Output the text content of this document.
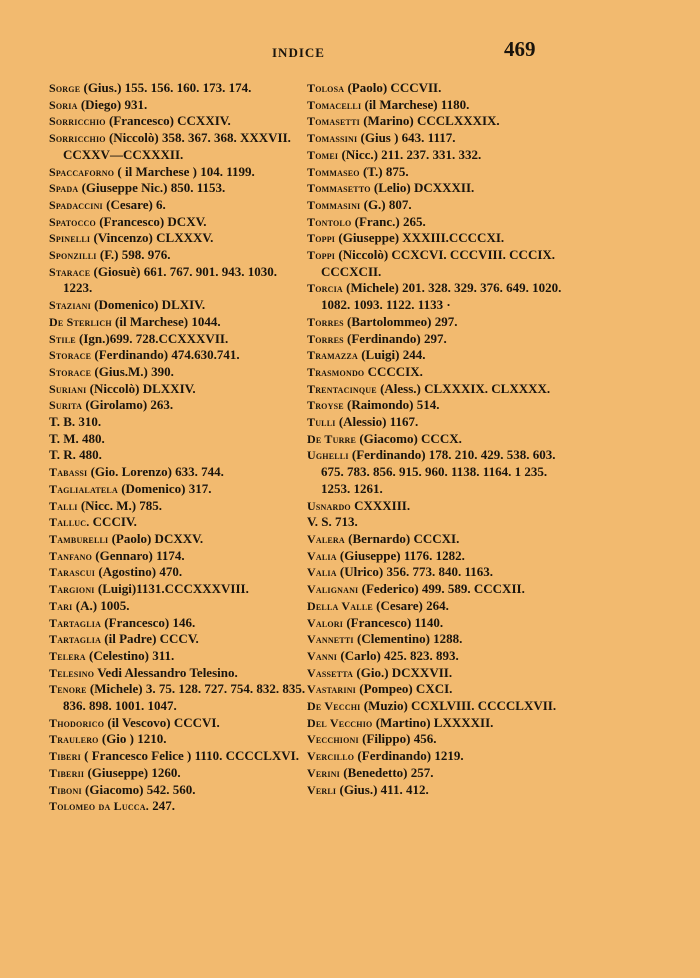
INDICE	469
Sorge (Gius.) 155. 156. 160. 173. 174.
Soria (Diego) 931.
Sorricchio (Francesco) CCXXIV.
Sorricchio (Niccolò) 358. 367. 368. XXXVII. CCXXV—CCXXXII.
Spaccaforno ( il Marchese ) 104. 1199.
Spada (Giuseppe Nic.) 850. 1153.
Spadaccini (Cesare) 6.
Spatocco (Francesco) DCXV.
Spinelli (Vincenzo) CLXXXV.
Sponzilli (F.) 598. 976.
Starace (Giosuè) 661. 767. 901. 943. 1030. 1223.
Staziani (Domenico) DLXIV.
De Sterlich (il Marchese) 1044.
Stile (Ign.)699. 728.CCXXXVII.
Storace (Ferdinando) 474.630.741.
Storace (Gius.M.) 390.
Suriani (Niccolò) DLXXIV.
Surita (Girolamo) 263.
T. B. 310.
T. M. 480.
T. R. 480.
Tabassi (Gio. Lorenzo) 633. 744.
Taglialatela (Domenico) 317.
Talli (Nicc. M.) 785.
Talluc. CCCIV.
Tamburelli (Paolo) DCXXV.
Tanfano (Gennaro) 1174.
Tarascui (Agostino) 470.
Targioni (Luigi)1131.CCCXXXVIII.
Tari (A.) 1005.
Tartaglia (Francesco) 146.
Tartaglia (il Padre) CCCV.
Telera (Celestino) 311.
Telesino Vedi Alessandro Telesino.
Tenore (Michele) 3. 75. 128. 727. 754. 832. 835. 836. 898. 1001. 1047.
Thodorico (il Vescovo) CCCVI.
Traulero (Gio ) 1210.
Tiberi ( Francesco Felice ) 1110. CCCCLXVI.
Tiberii (Giuseppe) 1260.
Tiboni (Giacomo) 542. 560.
Tolomeo da Lucca. 247.
Tolosa (Paolo) CCCVII.
Tomacelli (il Marchese) 1180.
Tomasetti (Marino) CCCLXXXIX.
Tomassini (Gius ) 643. 1117.
Tomei (Nicc.) 211. 237. 331. 332.
Tommaseo (T.) 875.
Tommasetto (Lelio) DCXXXII.
Tommasini (G.) 807.
Tontolo (Franc.) 265.
Toppi (Giuseppe) XXXIII.CCCCXI.
Toppi (Niccolò) CCXCVI. CCCVIII. CCCIX. CCCXCII.
Torcia (Michele) 201. 328. 329. 376. 649. 1020. 1082. 1093. 1122. 1133 ·
Torres (Bartolommeo) 297.
Torres (Ferdinando) 297.
Tramazza (Luigi) 244.
Trasmondo CCCCIX.
Trentacinque (Aless.) CLXXXIX. CLXXXX.
Troyse (Raimondo) 514.
Tulli (Alessio) 1167.
De Turre (Giacomo) CCCX.
Ughelli (Ferdinando) 178. 210. 429. 538. 603. 675. 783. 856. 915. 960. 1138. 1164. 1 235. 1253. 1261.
Usnardo CXXXIII.
V. S. 713.
Valera (Bernardo) CCCXI.
Valia (Giuseppe) 1176. 1282.
Valia (Ulrico) 356. 773. 840. 1163.
Valignani (Federico) 499. 589. CCCXII.
Della Valle (Cesare) 264.
Valori (Francesco) 1140.
Vannetti (Clementino) 1288.
Vanni (Carlo) 425. 823. 893.
Vassetta (Gio.) DCXXVII.
Vastarini (Pompeo) CXCI.
De Vecchi (Muzio) CCXLVIII. CCCCLXVII.
Del Vecchio (Martino) LXXXXII.
Vecchioni (Filippo) 456.
Vercillo (Ferdinando) 1219.
Verini (Benedetto) 257.
Verli (Gius.) 411. 412.
